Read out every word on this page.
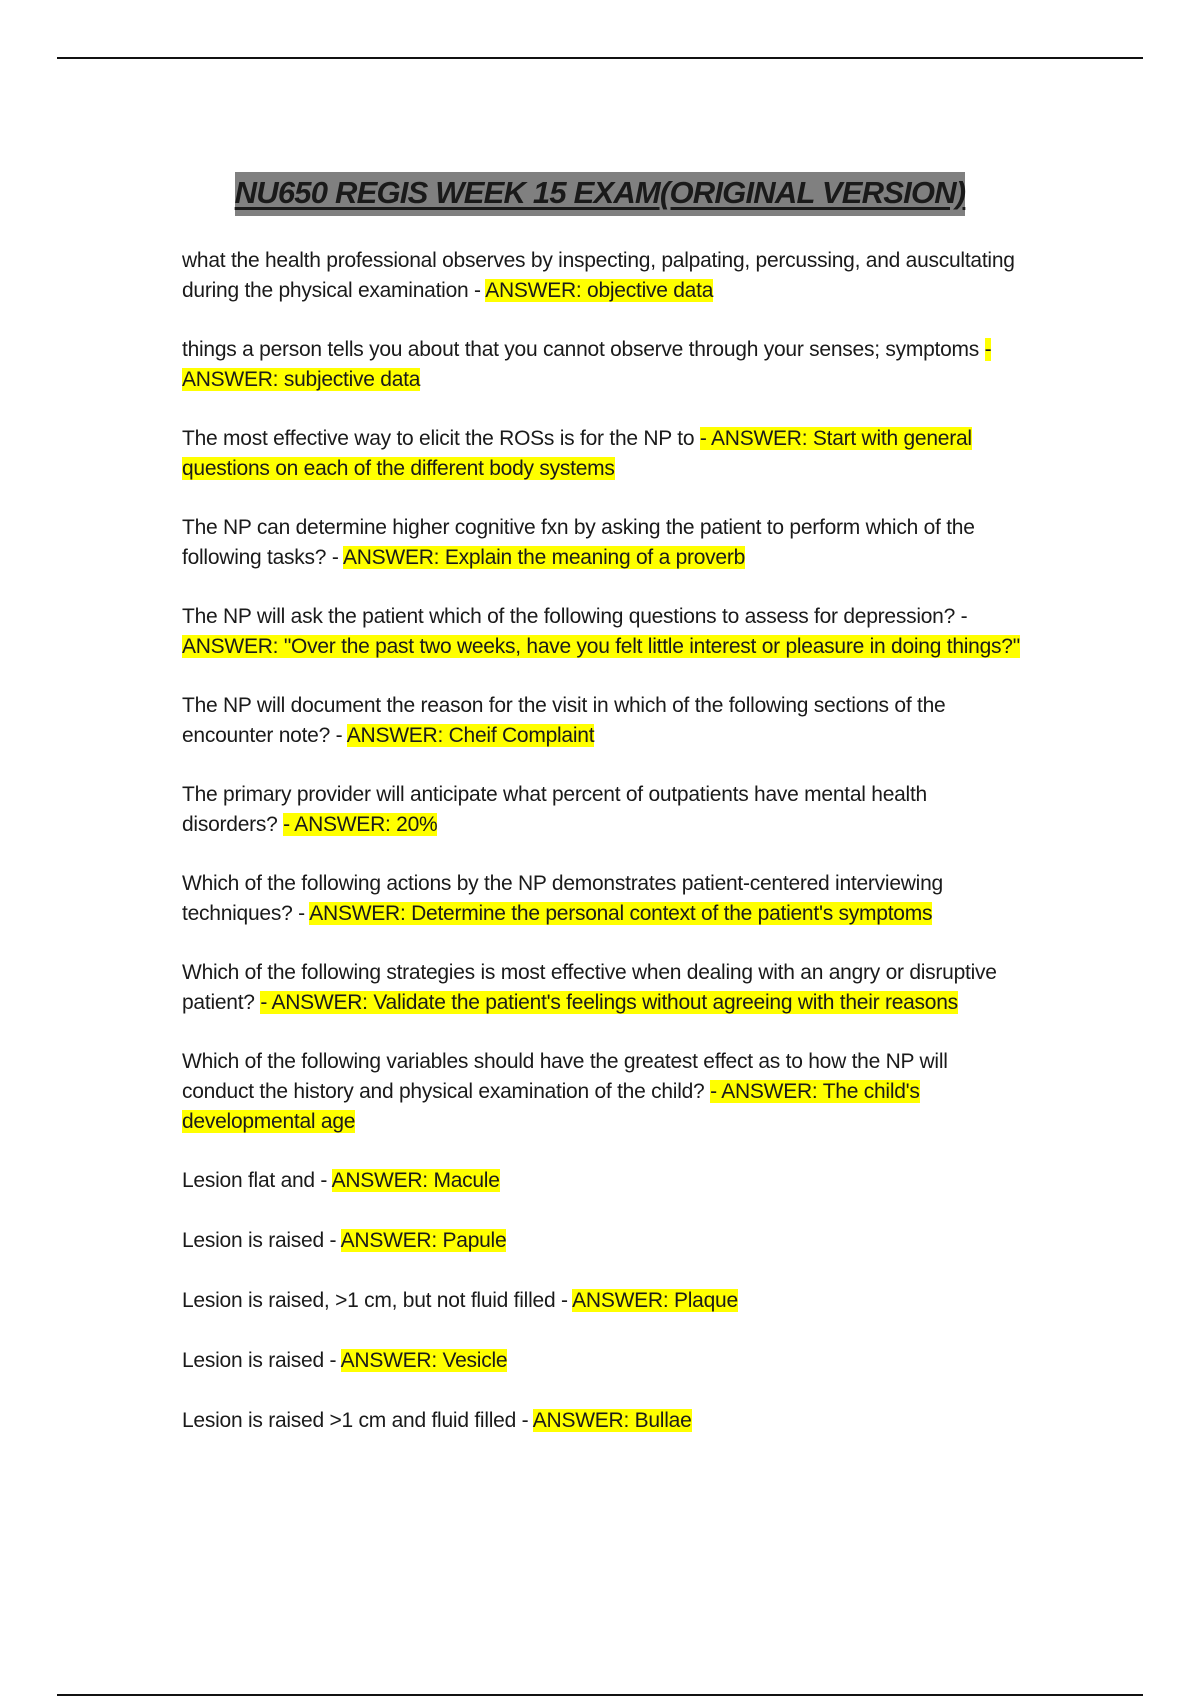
NU650 REGIS WEEK 15 EXAM(ORIGINAL VERSION)

what the health professional observes by inspecting, palpating, percussing, and auscultating during the physical examination - ANSWER: objective data

things a person tells you about that you cannot observe through your senses; symptoms - ANSWER: subjective data

The most effective way to elicit the ROSs is for the NP to - ANSWER: Start with general questions on each of the different body systems

The NP can determine higher cognitive fxn by asking the patient to perform which of the following tasks? - ANSWER: Explain the meaning of a proverb

The NP will ask the patient which of the following questions to assess for depression? - ANSWER: "Over the past two weeks, have you felt little interest or pleasure in doing things?"

The NP will document the reason for the visit in which of the following sections of the encounter note? - ANSWER: Cheif Complaint

The primary provider will anticipate what percent of outpatients have mental health disorders? - ANSWER: 20%

Which of the following actions by the NP demonstrates patient-centered interviewing techniques? - ANSWER: Determine the personal context of the patient's symptoms

Which of the following strategies is most effective when dealing with an angry or disruptive patient? - ANSWER: Validate the patient's feelings without agreeing with their reasons

Which of the following variables should have the greatest effect as to how the NP will conduct the history and physical examination of the child? - ANSWER: The child's developmental age

Lesion flat and - ANSWER: Macule

Lesion is raised - ANSWER: Papule

Lesion is raised, >1 cm, but not fluid filled - ANSWER: Plaque

Lesion is raised - ANSWER: Vesicle

Lesion is raised >1 cm and fluid filled - ANSWER: Bullae
